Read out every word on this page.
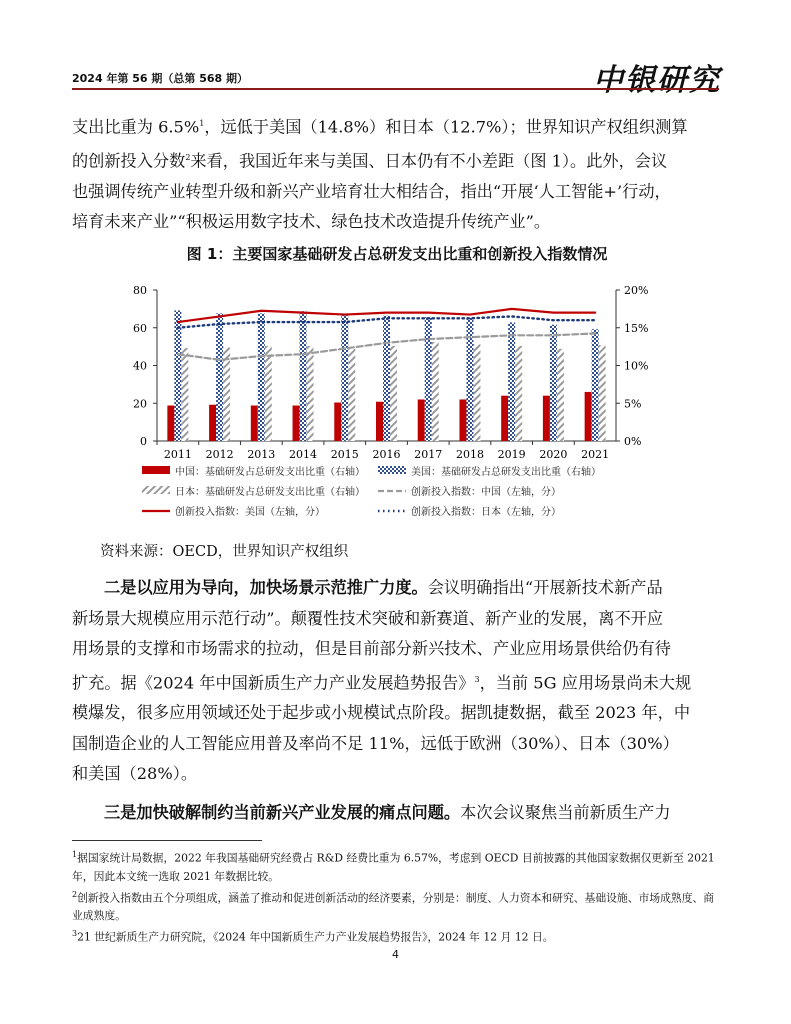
2024 年第 56 期（总第 568 期）	中银研究
支出比重为 6.5%$^1$，远低于美国（14.8%）和日本（12.7%）；世界知识产权组织测算
的创新投入分数$^2$来看，我国近年来与美国、日本仍有不小差距（图 1）。此外，会议
也强调传统产业转型升级和新兴产业培育壮大相结合，指出“开展‘人工智能+’行动，
培育未来产业”“积极运用数字技术、绿色技术改造提升传统产业”。
图 1：主要国家基础研发占总研发支出比重和创新投入指数情况
0
20
40
60
80
0%
5%
10%
15%
20%
2011 2012 2013 2014 2015 2016 2017 2018 2019 2020 2021
中国：基础研发占总研发支出比重（右轴）	美国：基础研发占总研发支出比重（右轴）
日本：基础研发占总研发支出比重（右轴）	创新投入指数：中国（左轴，分）
创新投入指数：美国（左轴，分）	创新投入指数：日本（左轴，分）
资料来源：OECD，世界知识产权组织
二是以应用为导向，加快场景示范推广力度。会议明确指出“开展新技术新产品
新场景大规模应用示范行动”。颠覆性技术突破和新赛道、新产业的发展，离不开应
用场景的支撑和市场需求的拉动，但是目前部分新兴技术、产业应用场景供给仍有待
扩充。据《2024 年中国新质生产力产业发展趋势报告》$^3$，当前 5G 应用场景尚未大规
模爆发，很多应用领域还处于起步或小规模试点阶段。据凯捷数据，截至 2023 年，中
国制造企业的人工智能应用普及率尚不足 11%，远低于欧洲（30%）、日本（30%）
和美国（28%）。
三是加快破解制约当前新兴产业发展的痛点问题。本次会议聚焦当前新质生产力
$^1$据国家统计局数据，2022 年我国基础研究经费占 R&D 经费比重为 6.57%，考虑到 OECD 目前披露的其他国家数据仅更新至 2021 年，因此本文统一选取 2021 年数据比较。
$^2$创新投入指数由五个分项组成，涵盖了推动和促进创新活动的经济要素，分别是：制度、人力资本和研究、基础设施、市场成熟度、商业成熟度。
$^3$21 世纪新质生产力研究院，《2024 年中国新质生产力产业发展趋势报告》，2024 年 12 月 12 日。
4
